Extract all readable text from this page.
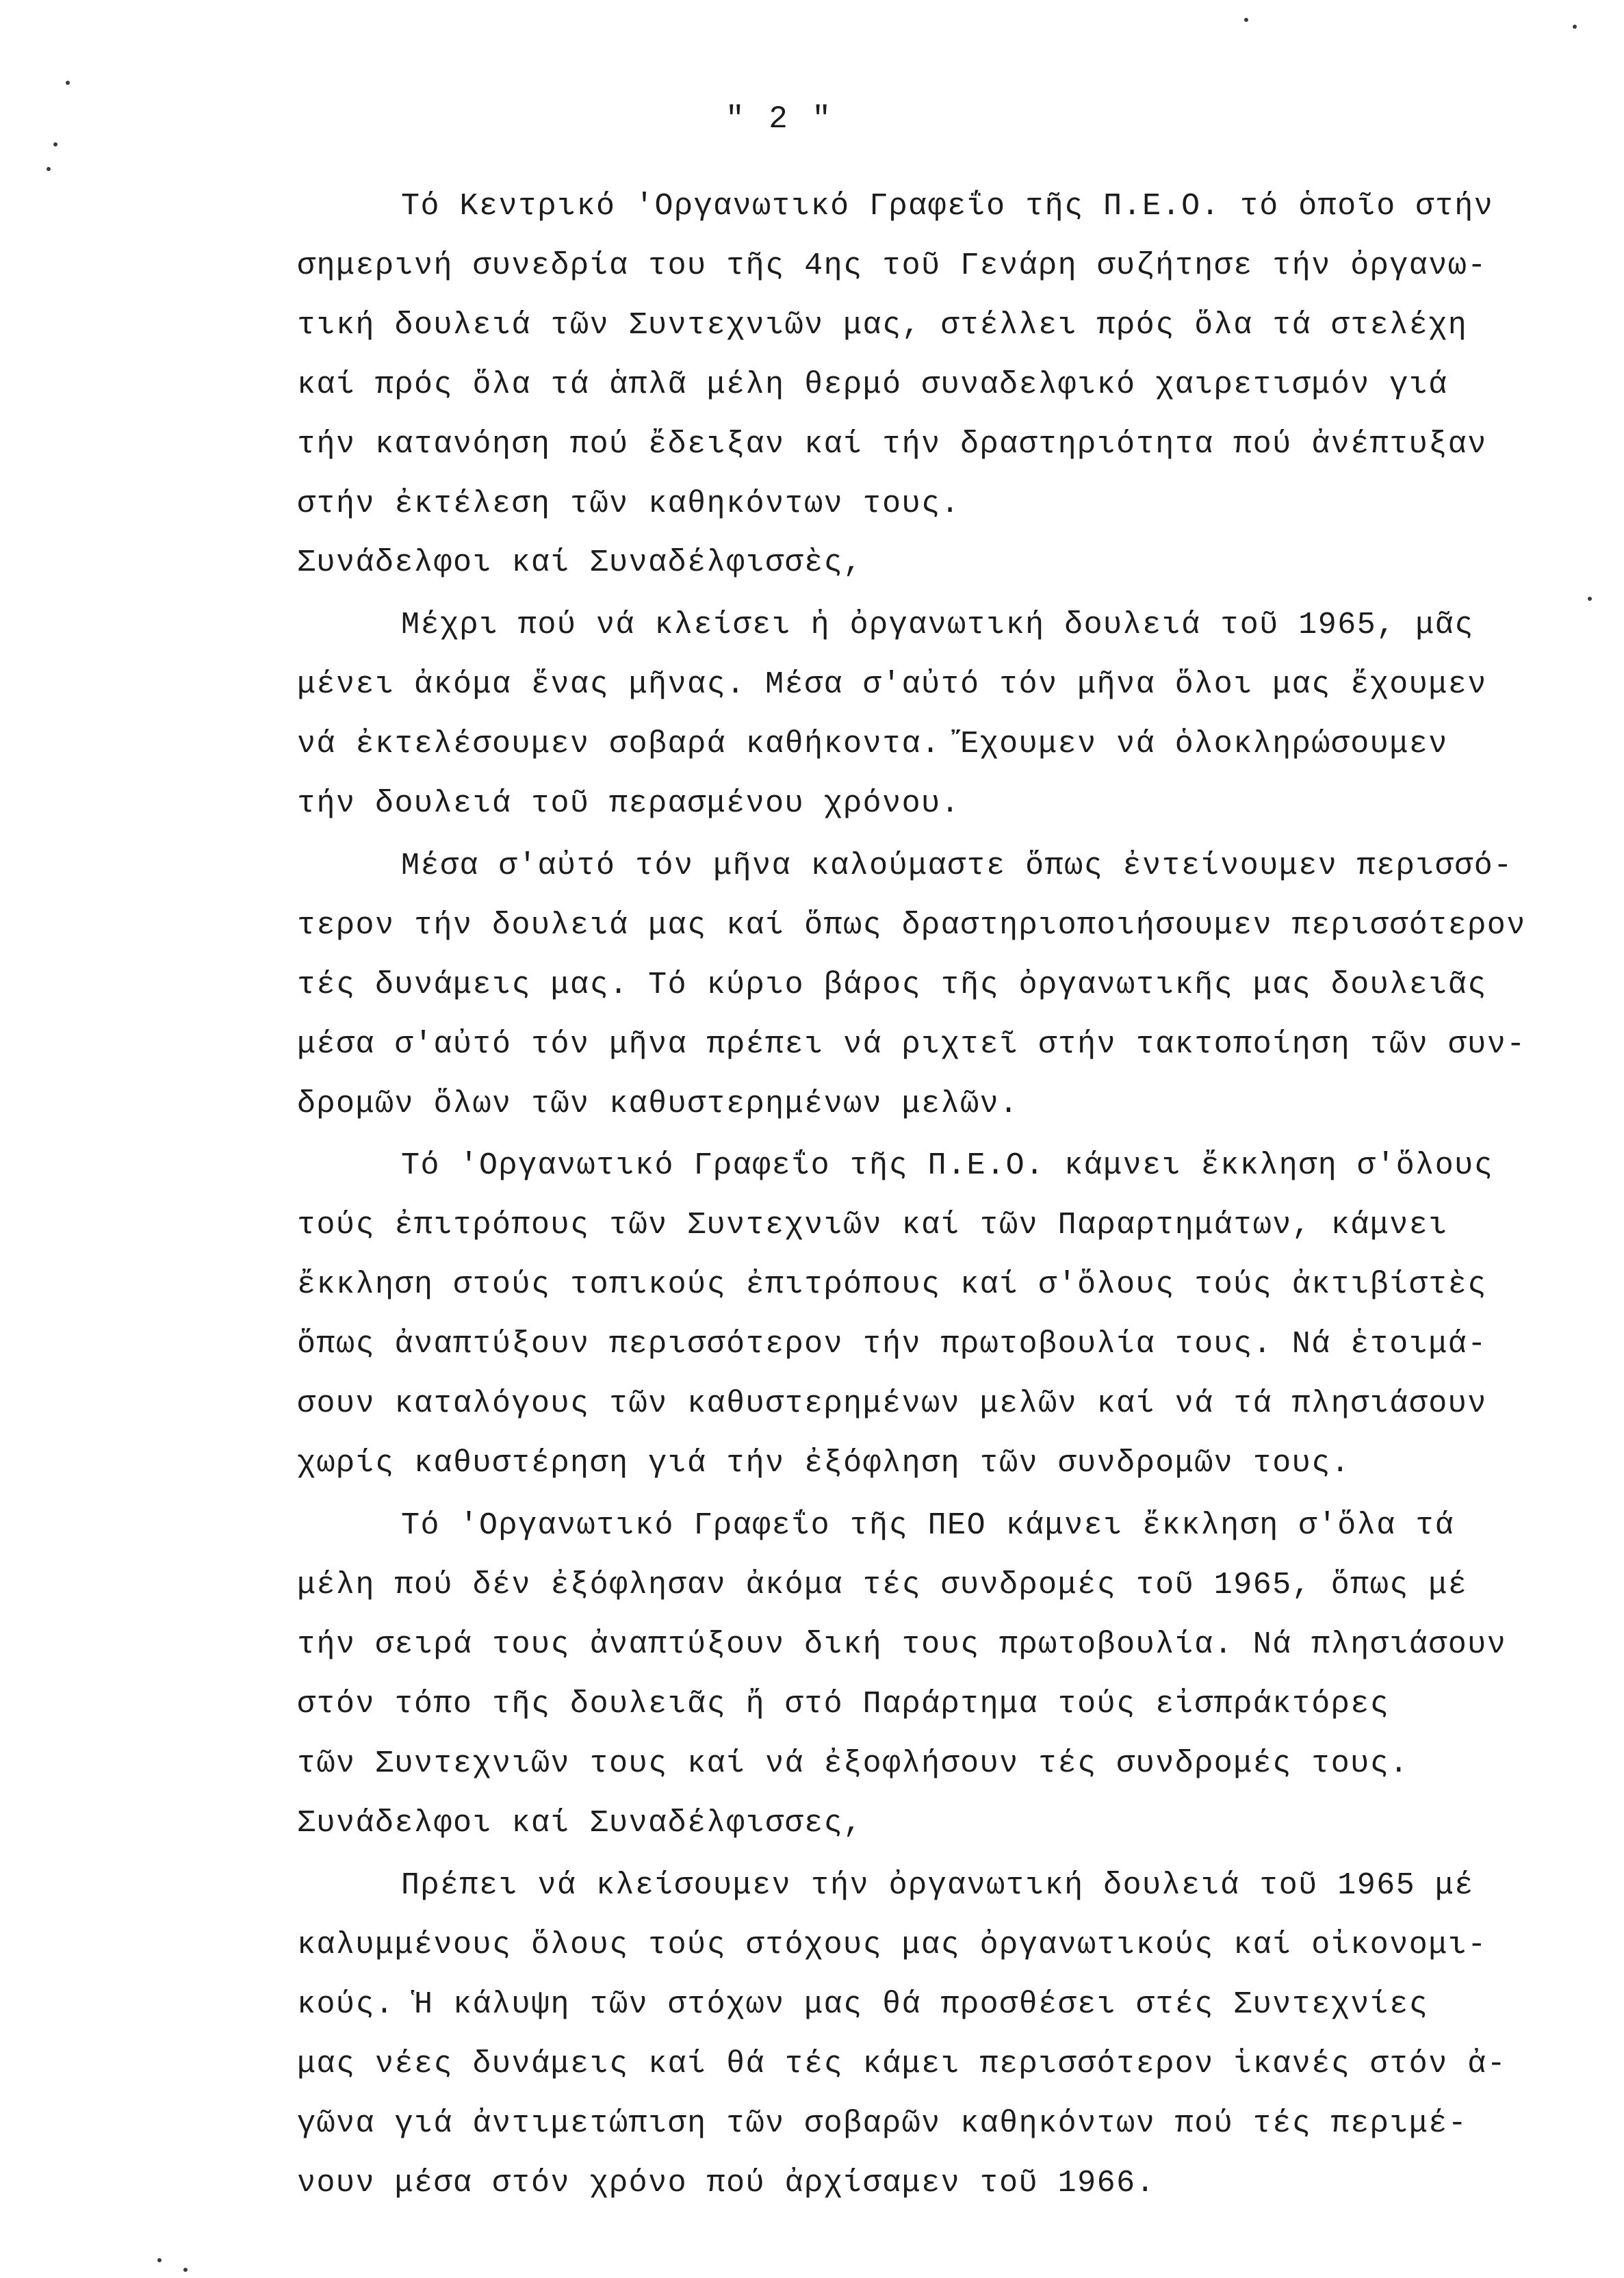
" 2 "
Τό Κεντρικό 'Οργανωτικό Γραφεΐο τῆς Π.Ε.Ο. τό ὁποῖο στήν
σημερινή συνεδρία του τῆς 4ης τοῦ Γενάρη συζήτησε τήν ὀργανω-
τική δουλειά τῶν Συντεχνιῶν μας, στέλλει πρός ὅλα τά στελέχη
καί πρός ὅλα τά ἁπλᾶ μέλη θερμό συναδελφικό χαιρετισμόν γιά
τήν κατανόηση πού ἔδειξαν καί τήν δραστηριότητα πού ἀνέπτυξαν
στήν ἐκτέλεση τῶν καθηκόντων τους.
Συνάδελφοι καί Συναδέλφισσὲς,
Μέχρι πού νά κλείσει ἡ ὀργανωτική δουλειά τοῦ 1965, μᾶς
μένει ἀκόμα ἕνας μῆνας. Μέσα σ'αὐτό τόν μῆνα ὅλοι μας ἔχουμεν
νά ἐκτελέσουμεν σοβαρά καθήκοντα. Ἔχουμεν νά ὁλοκληρώσουμεν
τήν δουλειά τοῦ περασμένου χρόνου.
Μέσα σ'αὐτό τόν μῆνα καλούμαστε ὅπως ἐντείνουμεν περισσό-
τερον τήν δουλειά μας καί ὅπως δραστηριοποιήσουμεν περισσότερον
τές δυνάμεις μας. Τό κύριο βάρος τῆς ὀργανωτικῆς μας δουλειᾶς
μέσα σ'αὐτό τόν μῆνα πρέπει νά ριχτεῖ στήν τακτοποίηση τῶν συν-
δρομῶν ὅλων τῶν καθυστερημένων μελῶν.
Τό 'Οργανωτικό Γραφεΐο τῆς Π.Ε.Ο. κάμνει ἔκκληση σ'ὅλους
τούς ἐπιτρόπους τῶν Συντεχνιῶν καί τῶν Παραρτημάτων, κάμνει
ἔκκληση στούς τοπικούς ἐπιτρόπους καί σ'ὅλους τούς ἀκτιβίστὲς
ὅπως ἀναπτύξουν περισσότερον τήν πρωτοβουλία τους. Νά ἑτοιμά-
σουν καταλόγους τῶν καθυστερημένων μελῶν καί νά τά πλησιάσουν
χωρίς καθυστέρηση γιά τήν ἐξόφληση τῶν συνδρομῶν τους.
Τό 'Οργανωτικό Γραφεΐο τῆς ΠΕΟ κάμνει ἔκκληση σ'ὅλα τά
μέλη πού δέν ἐξόφλησαν ἀκόμα τές συνδρομές τοῦ 1965, ὅπως μέ
τήν σειρά τους ἀναπτύξουν δική τους πρωτοβουλία. Νά πλησιάσουν
στόν τόπο τῆς δουλειᾶς ἤ στό Παράρτημα τούς εἰσπράκτόρες
τῶν Συντεχνιῶν τους καί νά ἐξοφλήσουν τές συνδρομές τους.
Συνάδελφοι καί Συναδέλφισσες,
Πρέπει νά κλείσουμεν τήν ὀργανωτική δουλειά τοῦ 1965 μέ
καλυμμένους ὅλους τούς στόχους μας ὀργανωτικούς καί οἰκονομι-
κούς. Ἡ κάλυψη τῶν στόχων μας θά προσθέσει στές Συντεχνίες
μας νέες δυνάμεις καί θά τές κάμει περισσότερον ἱκανές στόν ἀ-
γῶνα γιά ἀντιμετώπιση τῶν σοβαρῶν καθηκόντων πού τές περιμέ-
νουν μέσα στόν χρόνο πού ἀρχίσαμεν τοῦ 1966.
